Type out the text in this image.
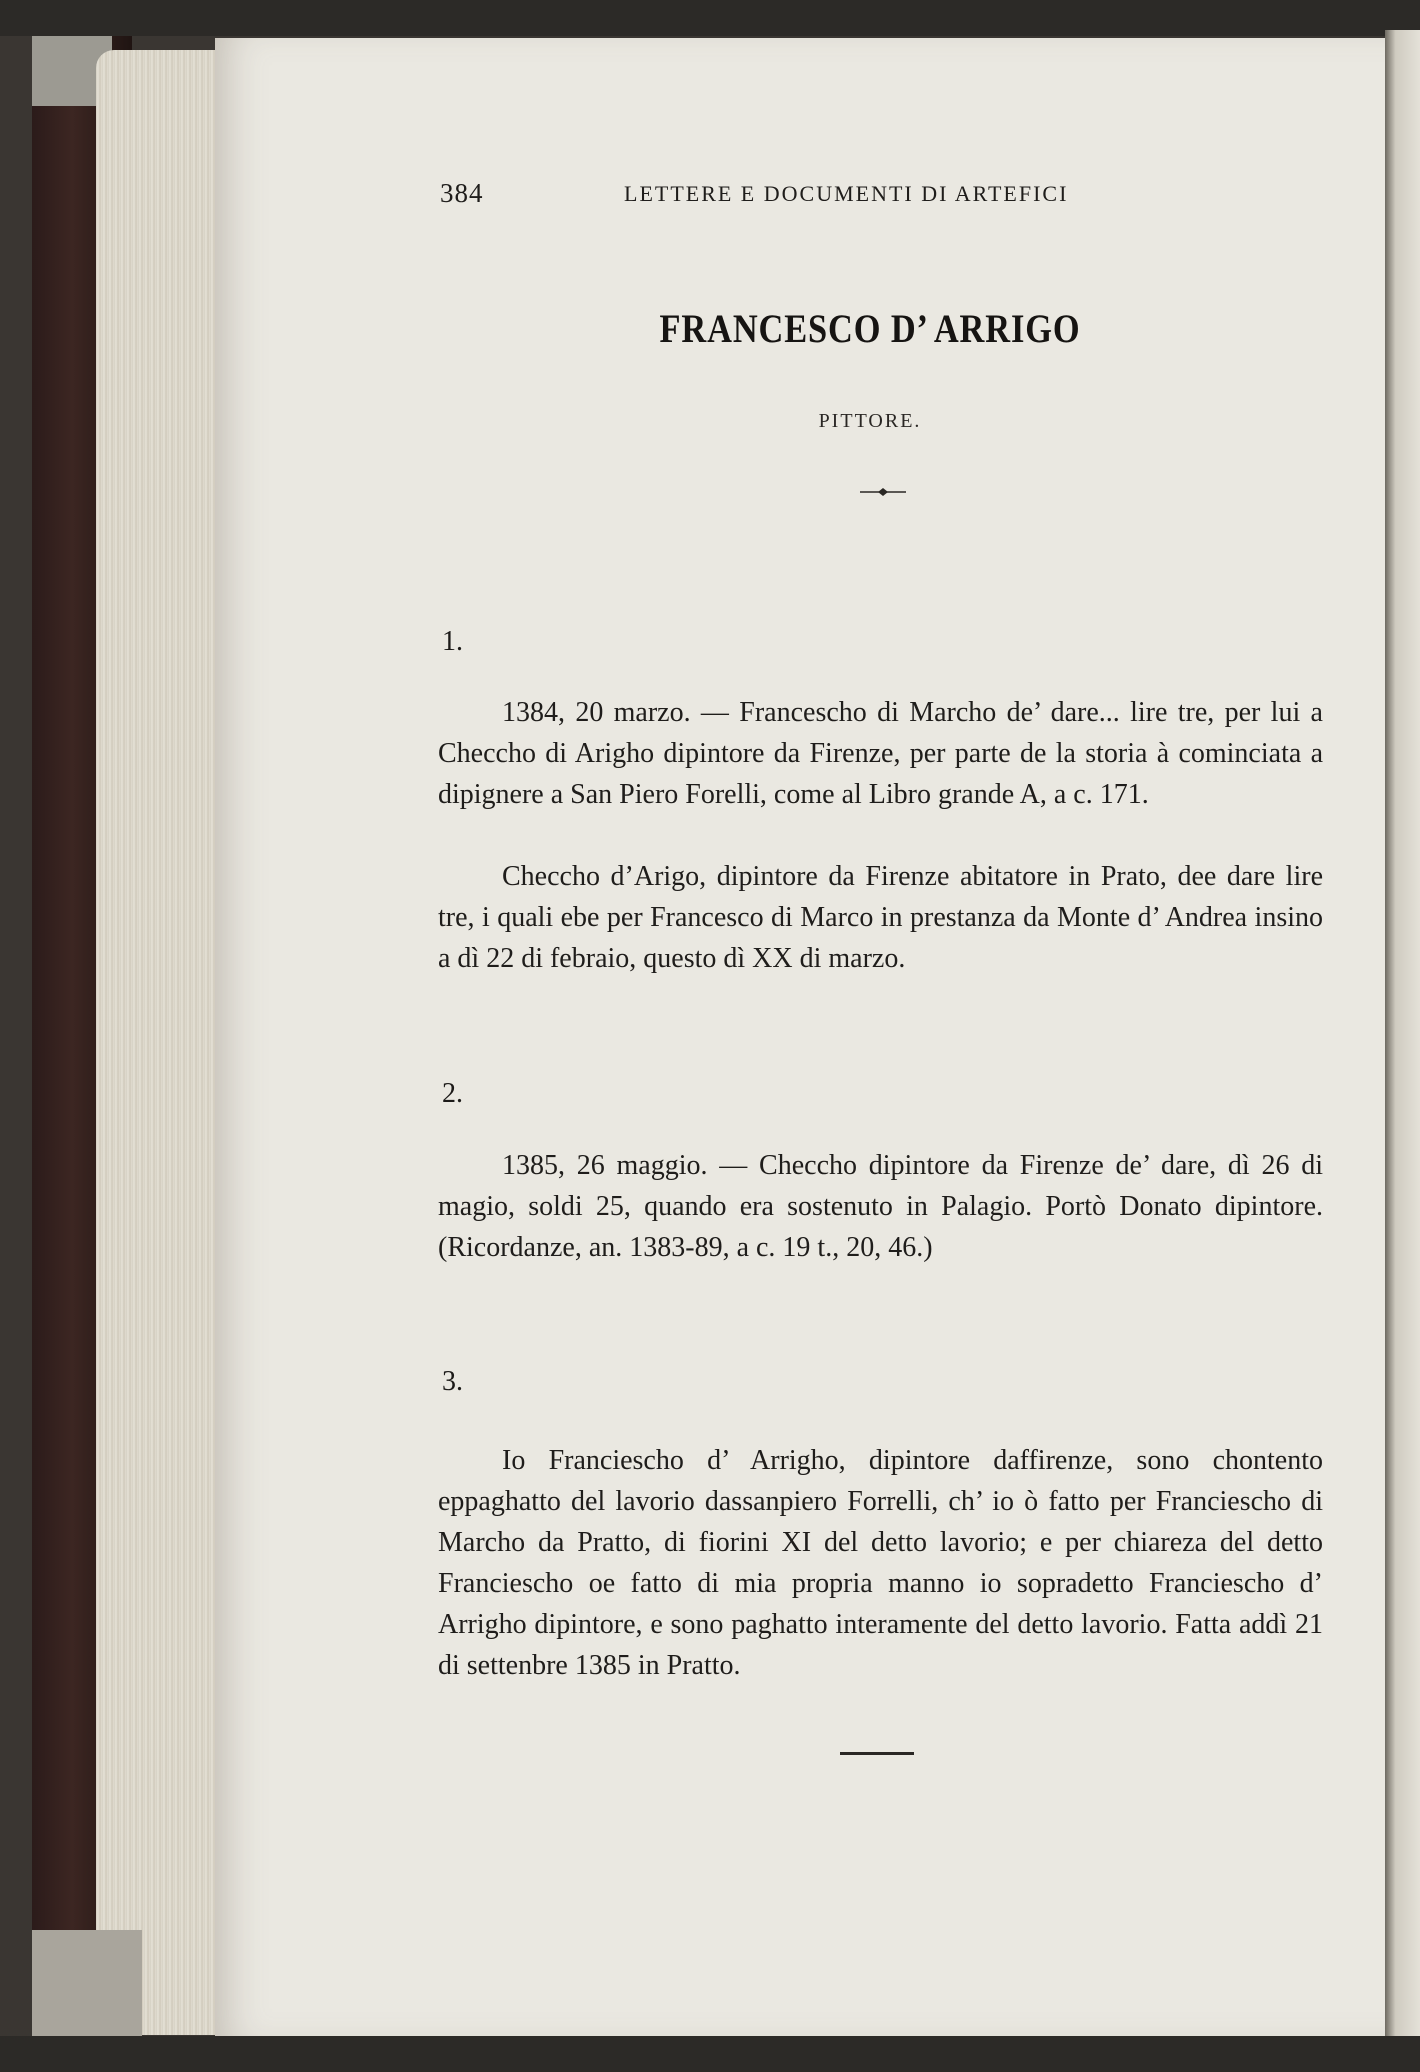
384	LETTERE E DOCUMENTI DI ARTEFICI
FRANCESCO D’ ARRIGO
PITTORE.
1.
1384, 20 marzo. — Francescho di Marcho de’ dare... lire tre, per lui a Checcho di Arigho dipintore da Firenze, per parte de la storia à cominciata a dipignere a San Piero Forelli, come al Libro grande A, a c. 171.
Checcho d’Arigo, dipintore da Firenze abitatore in Prato, dee dare lire tre, i quali ebe per Francesco di Marco in prestanza da Monte d’ Andrea insino a dì 22 di febraio, questo dì XX di marzo.
2.
1385, 26 maggio. — Checcho dipintore da Firenze de’ dare, dì 26 di magio, soldi 25, quando era sostenuto in Palagio. Portò Donato dipintore. (Ricordanze, an. 1383-89, a c. 19 t., 20, 46.)
3.
Io Franciescho d’ Arrigho, dipintore daffirenze, sono chontento eppaghatto del lavorio dassanpiero Forrelli, ch’ io ò fatto per Franciescho di Marcho da Pratto, di fiorini XI del detto lavorio; e per chiareza del detto Franciescho oe fatto di mia propria manno io sopradetto Franciescho d’ Arrigho dipintore, e sono paghatto interamente del detto lavorio. Fatta addì 21 di settenbre 1385 in Pratto.
